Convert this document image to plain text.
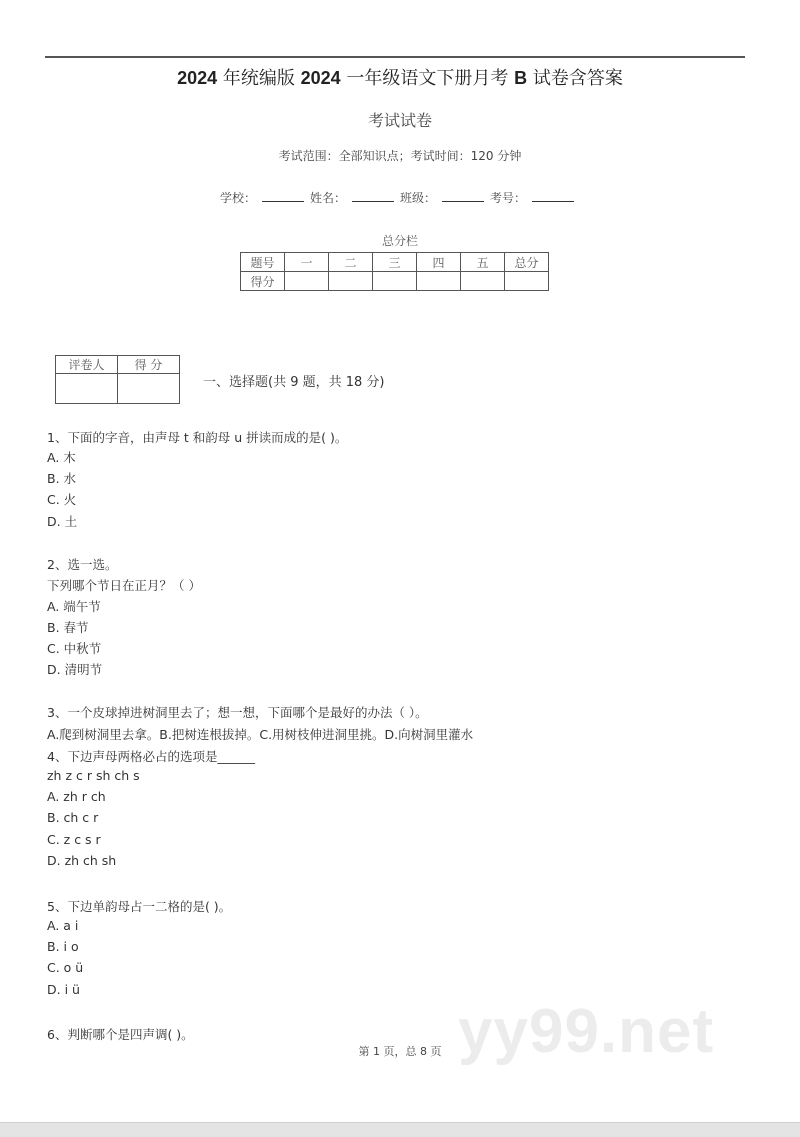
2024 年统编版 2024 一年级语文下册月考 B 试卷含答案
考试试卷
考试范围：全部知识点；考试时间：120 分钟
学校：	姓名：	班级：	考号：
总分栏
题号	一	二	三	四	五	总分
得分						
评卷人	得 分

一、选择题(共 9 题，共 18 分)
yy99.net
1、下面的字音，由声母 t 和韵母 u 拼读而成的是( )。
A. 木
B. 水
C. 火
D. 土
2、选一选。
下列哪个节日在正月？（ ）
A. 端午节
B. 春节
C. 中秋节
D. 清明节
3、一个皮球掉进树洞里去了；想一想，下面哪个是最好的办法（ ）。
A.爬到树洞里去拿。B.把树连根拔掉。C.用树枝伸进洞里挑。D.向树洞里灌水
4、下边声母两格必占的选项是______
zh z c r sh ch s
A. zh r ch
B. ch c r
C. z c s r
D. zh ch sh
5、下边单韵母占一二格的是( )。
A. a i
B. i o
C. o ü
D. i ü
6、判断哪个是四声调( )。
第 1 页，总 8 页
